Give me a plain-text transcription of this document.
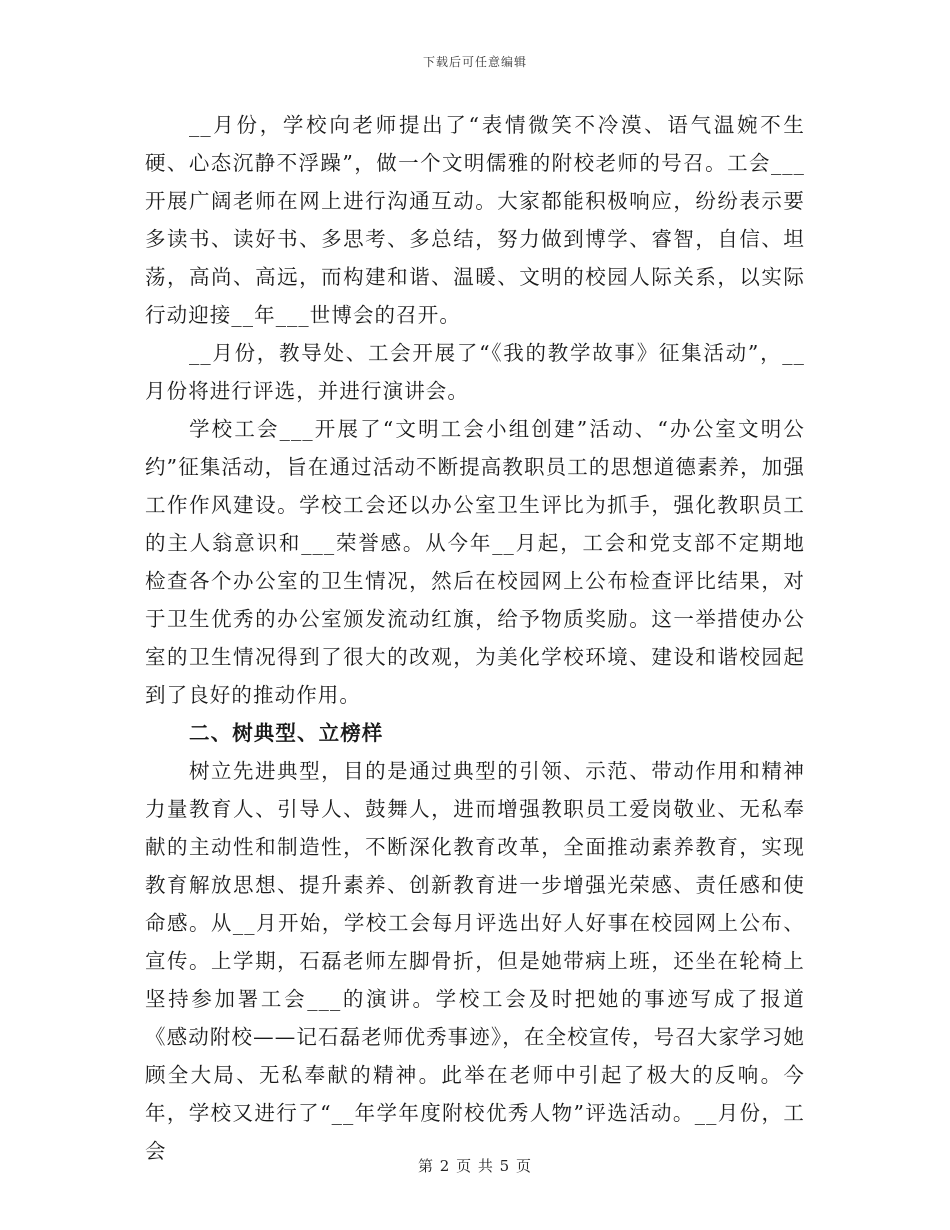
下载后可任意编辑

__月份，学校向老师提出了“表情微笑不冷漠、语气温婉不生硬、心态沉静不浮躁”，做一个文明儒雅的附校老师的号召。工会___开展广阔老师在网上进行沟通互动。大家都能积极响应，纷纷表示要多读书、读好书、多思考、多总结，努力做到博学、睿智，自信、坦荡，高尚、高远，而构建和谐、温暖、文明的校园人际关系，以实际行动迎接__年___世博会的召开。

__月份，教导处、工会开展了“《我的教学故事》征集活动”，__月份将进行评选，并进行演讲会。

学校工会___开展了“文明工会小组创建”活动、“办公室文明公约”征集活动，旨在通过活动不断提高教职员工的思想道德素养，加强工作作风建设。学校工会还以办公室卫生评比为抓手，强化教职员工的主人翁意识和___荣誉感。从今年__月起，工会和党支部不定期地检查各个办公室的卫生情况，然后在校园网上公布检查评比结果，对于卫生优秀的办公室颁发流动红旗，给予物质奖励。这一举措使办公室的卫生情况得到了很大的改观，为美化学校环境、建设和谐校园起到了良好的推动作用。

二、树典型、立榜样

树立先进典型，目的是通过典型的引领、示范、带动作用和精神力量教育人、引导人、鼓舞人，进而增强教职员工爱岗敬业、无私奉献的主动性和制造性，不断深化教育改革，全面推动素养教育，实现教育解放思想、提升素养、创新教育进一步增强光荣感、责任感和使命感。从__月开始，学校工会每月评选出好人好事在校园网上公布、宣传。上学期，石磊老师左脚骨折，但是她带病上班，还坐在轮椅上坚持参加署工会___的演讲。学校工会及时把她的事迹写成了报道《感动附校——记石磊老师优秀事迹》，在全校宣传，号召大家学习她顾全大局、无私奉献的精神。此举在老师中引起了极大的反响。今年，学校又进行了“__年学年度附校优秀人物”评选活动。__月份，工会

第 2 页 共 5 页
